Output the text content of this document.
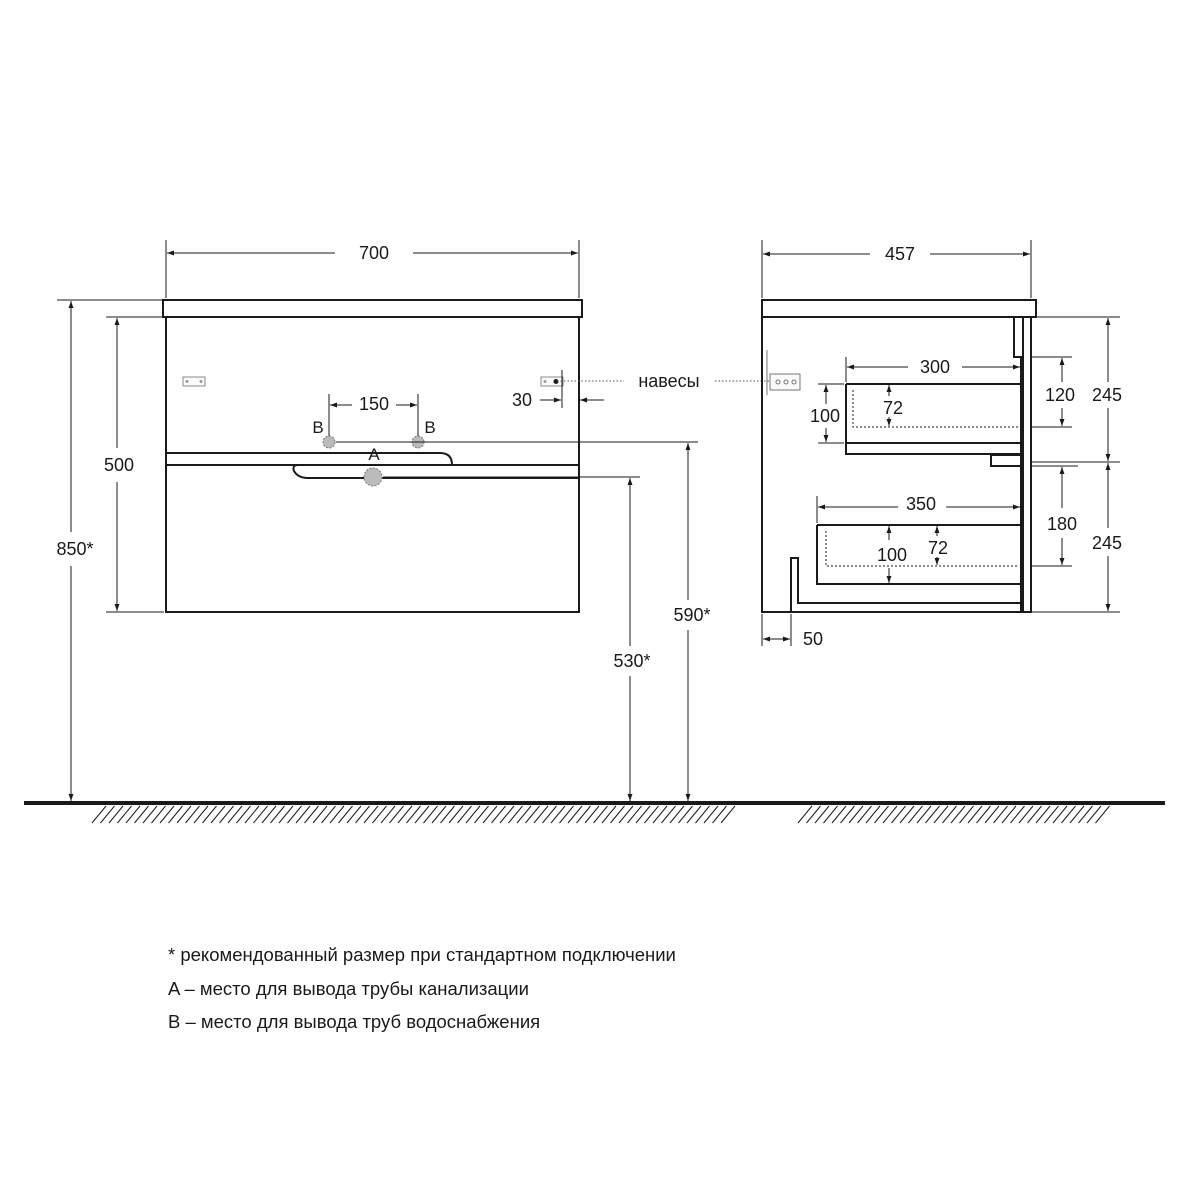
700
500
850*
150	30
590*
530*
B	B
A
навесы
457
300
100 72
120 245
350
72
100
180
245
50
* рекомендованный размер при стандартном подключении
A – место для вывода трубы канализации
B – место для вывода труб водоснабжения
